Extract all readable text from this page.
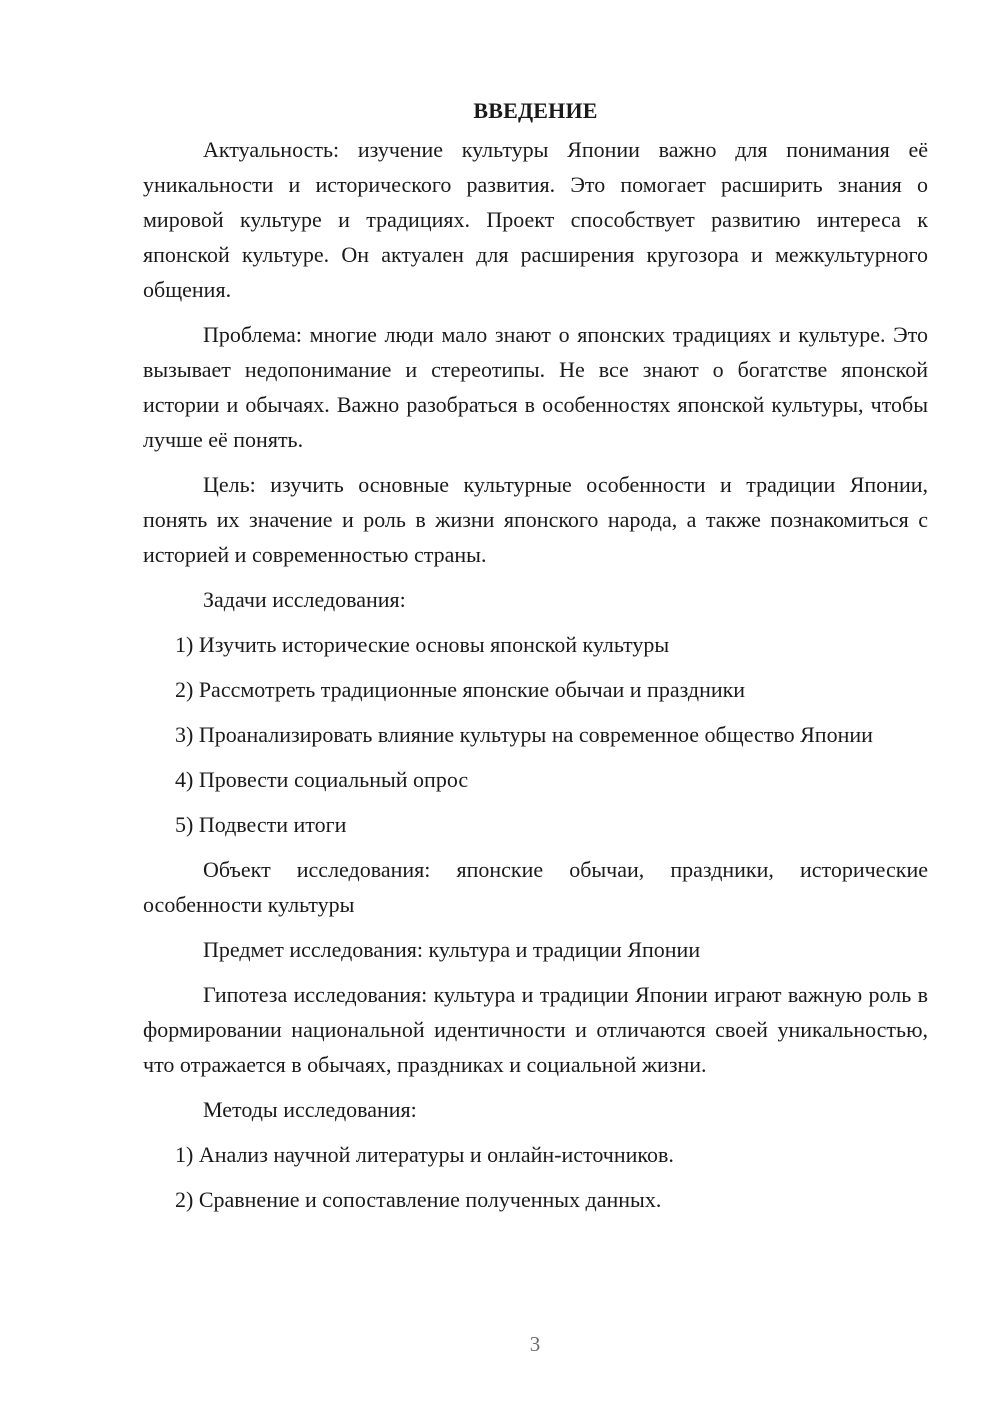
ВВЕДЕНИЕ

Актуальность: изучение культуры Японии важно для понимания её уникальности и исторического развития. Это помогает расширить знания о мировой культуре и традициях. Проект способствует развитию интереса к японской культуре. Он актуален для расширения кругозора и межкультурного общения.

Проблема: многие люди мало знают о японских традициях и культуре. Это вызывает недопонимание и стереотипы. Не все знают о богатстве японской истории и обычаях. Важно разобраться в особенностях японской культуры, чтобы лучше её понять.

Цель: изучить основные культурные особенности и традиции Японии, понять их значение и роль в жизни японского народа, а также познакомиться с историей и современностью страны.

Задачи исследования:

1) Изучить исторические основы японской культуры

2) Рассмотреть традиционные японские обычаи и праздники

3) Проанализировать влияние культуры на современное общество Японии

4) Провести социальный опрос

5) Подвести итоги

Объект исследования: японские обычаи, праздники, исторические особенности культуры

Предмет исследования: культура и традиции Японии

Гипотеза исследования: культура и традиции Японии играют важную роль в формировании национальной идентичности и отличаются своей уникальностью, что отражается в обычаях, праздниках и социальной жизни.

Методы исследования:

1) Анализ научной литературы и онлайн-источников.

2) Сравнение и сопоставление полученных данных.

3
